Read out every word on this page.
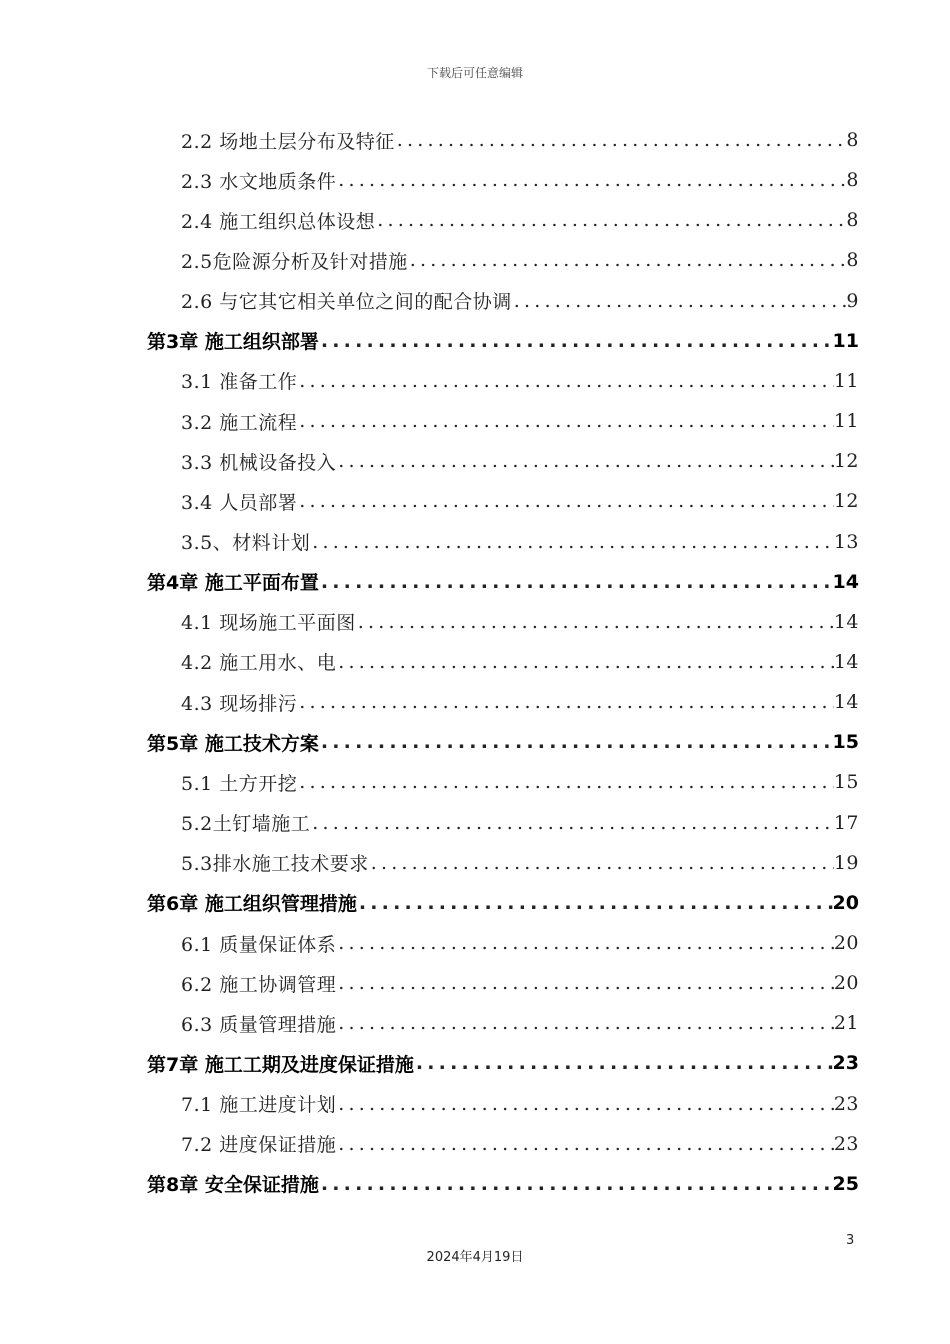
下载后可任意编辑
2.2 场地土层分布及特征 .....	8
2.3 水文地质条件 .....	8
2.4 施工组织总体设想 .....	8
2.5危险源分析及针对措施 .....	8
2.6 与它其它相关单位之间的配合协调 .....	9
第3章 施工组织部署 .....	11
3.1 准备工作 .....	11
3.2 施工流程 .....	11
3.3 机械设备投入 .....	12
3.4 人员部署 .....	12
3.5、材料计划 .....	13
第4章 施工平面布置 .....	14
4.1 现场施工平面图 .....	14
4.2 施工用水、电 .....	14
4.3 现场排污 .....	14
第5章 施工技术方案 .....	15
5.1 土方开挖 .....	15
5.2土钉墙施工 .....	17
5.3排水施工技术要求 .....	19
第6章 施工组织管理措施 .....	20
6.1 质量保证体系 .....	20
6.2 施工协调管理 .....	20
6.3 质量管理措施 .....	21
第7章 施工工期及进度保证措施 .....	23
7.1 施工进度计划 .....	23
7.2 进度保证措施 .....	23
第8章 安全保证措施 .....	25
3
2024年4月19日
